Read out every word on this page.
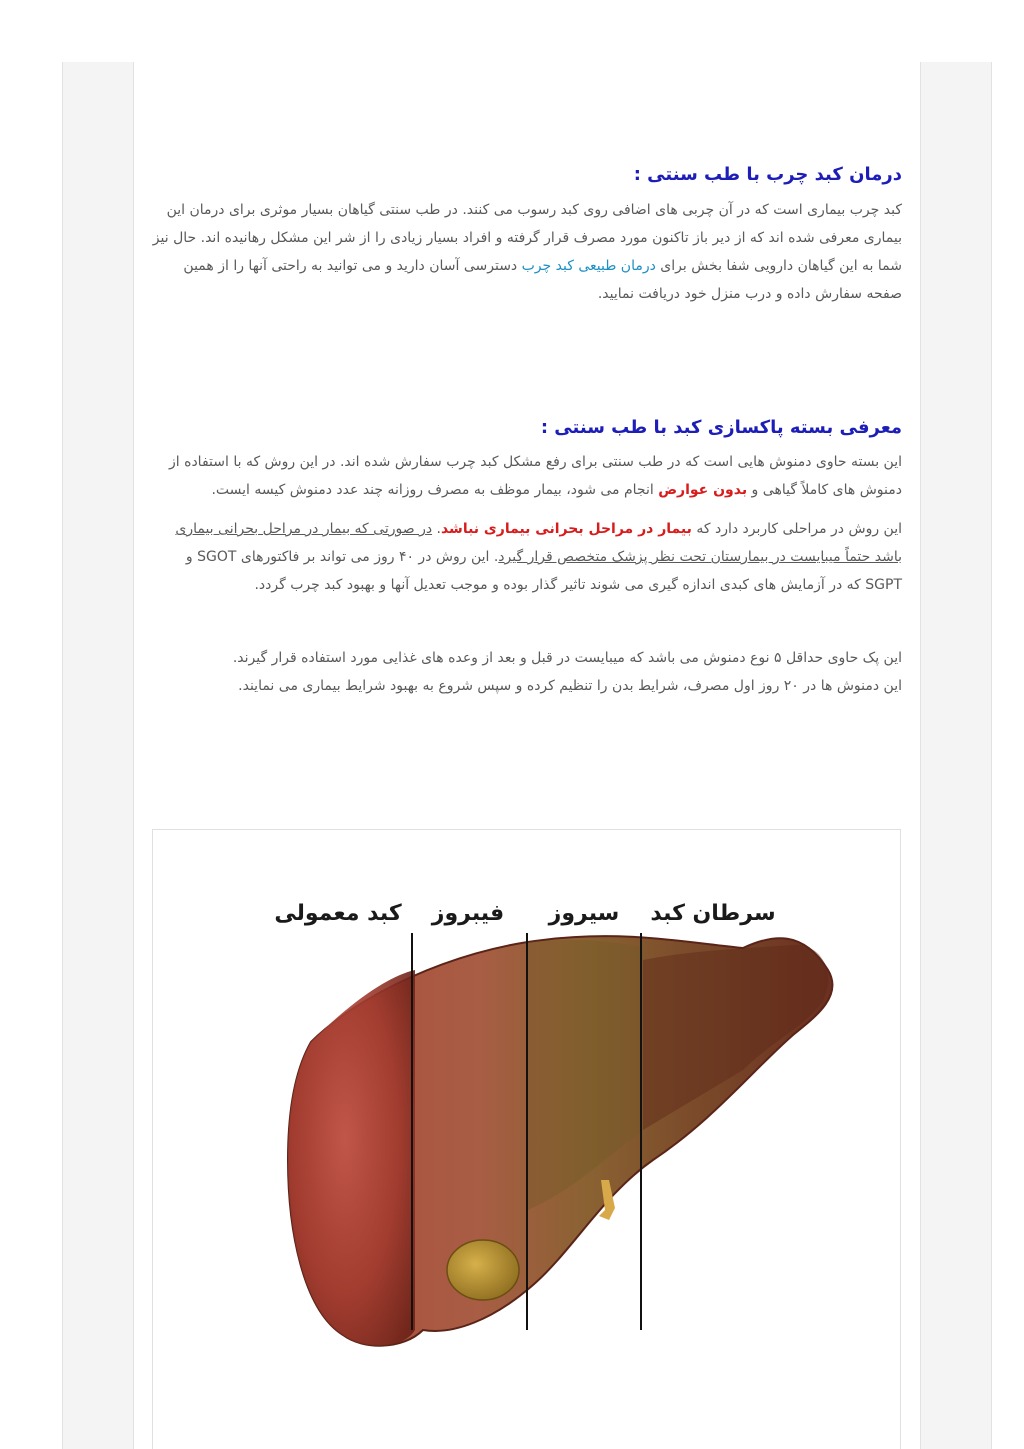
درمان کبد چرب با طب سنتی :

کبد چرب بیماری است که در آن چربی های اضافی روی کبد رسوب می کنند. در طب سنتی گیاهان بسیار موثری برای درمان این بیماری معرفی شده اند که از دیر باز تاکنون مورد مصرف قرار گرفته و افراد بسیار زیادی را از شر این مشکل رهانیده اند. حال نیز شما به این گیاهان دارویی شفا بخش برای درمان طبیعی کبد چرب دسترسی آسان دارید و می توانید به راحتی آنها را از همین صفحه سفارش داده و درب منزل خود دریافت نمایید.

معرفی بسته پاکسازی کبد با طب سنتی :

این بسته حاوی دمنوش هایی است که در طب سنتی برای رفع مشکل کبد چرب سفارش شده اند. در این روش که با استفاده از دمنوش های کاملاً گیاهی و بدون عوارض انجام می شود، بیمار موظف به مصرف روزانه چند عدد دمنوش کیسه ایست.

این روش در مراحلی کاربرد دارد که بیمار در مراحل بحرانی بیماری نباشد. در صورتی که بیمار در مراحل بحرانی بیماری باشد حتماً میبایست در بیمارستان تحت نظر پزشک متخصص قرار گیرد. این روش در ۴۰ روز می تواند بر فاکتورهای SGOT و SGPT که در آزمایش های کبدی اندازه گیری می شوند تاثیر گذار بوده و موجب تعدیل آنها و بهبود کبد چرب گردد.

این پک حاوی حداقل ۵ نوع دمنوش می باشد که میبایست در قبل و بعد از وعده های غذایی مورد استفاده قرار گیرند.
این دمنوش ها در ۲۰ روز اول مصرف، شرایط بدن را تنظیم کرده و سپس شروع به بهبود شرایط بیماری می نمایند.

کبد معمولی فیبروز سیروز سرطان کبد
